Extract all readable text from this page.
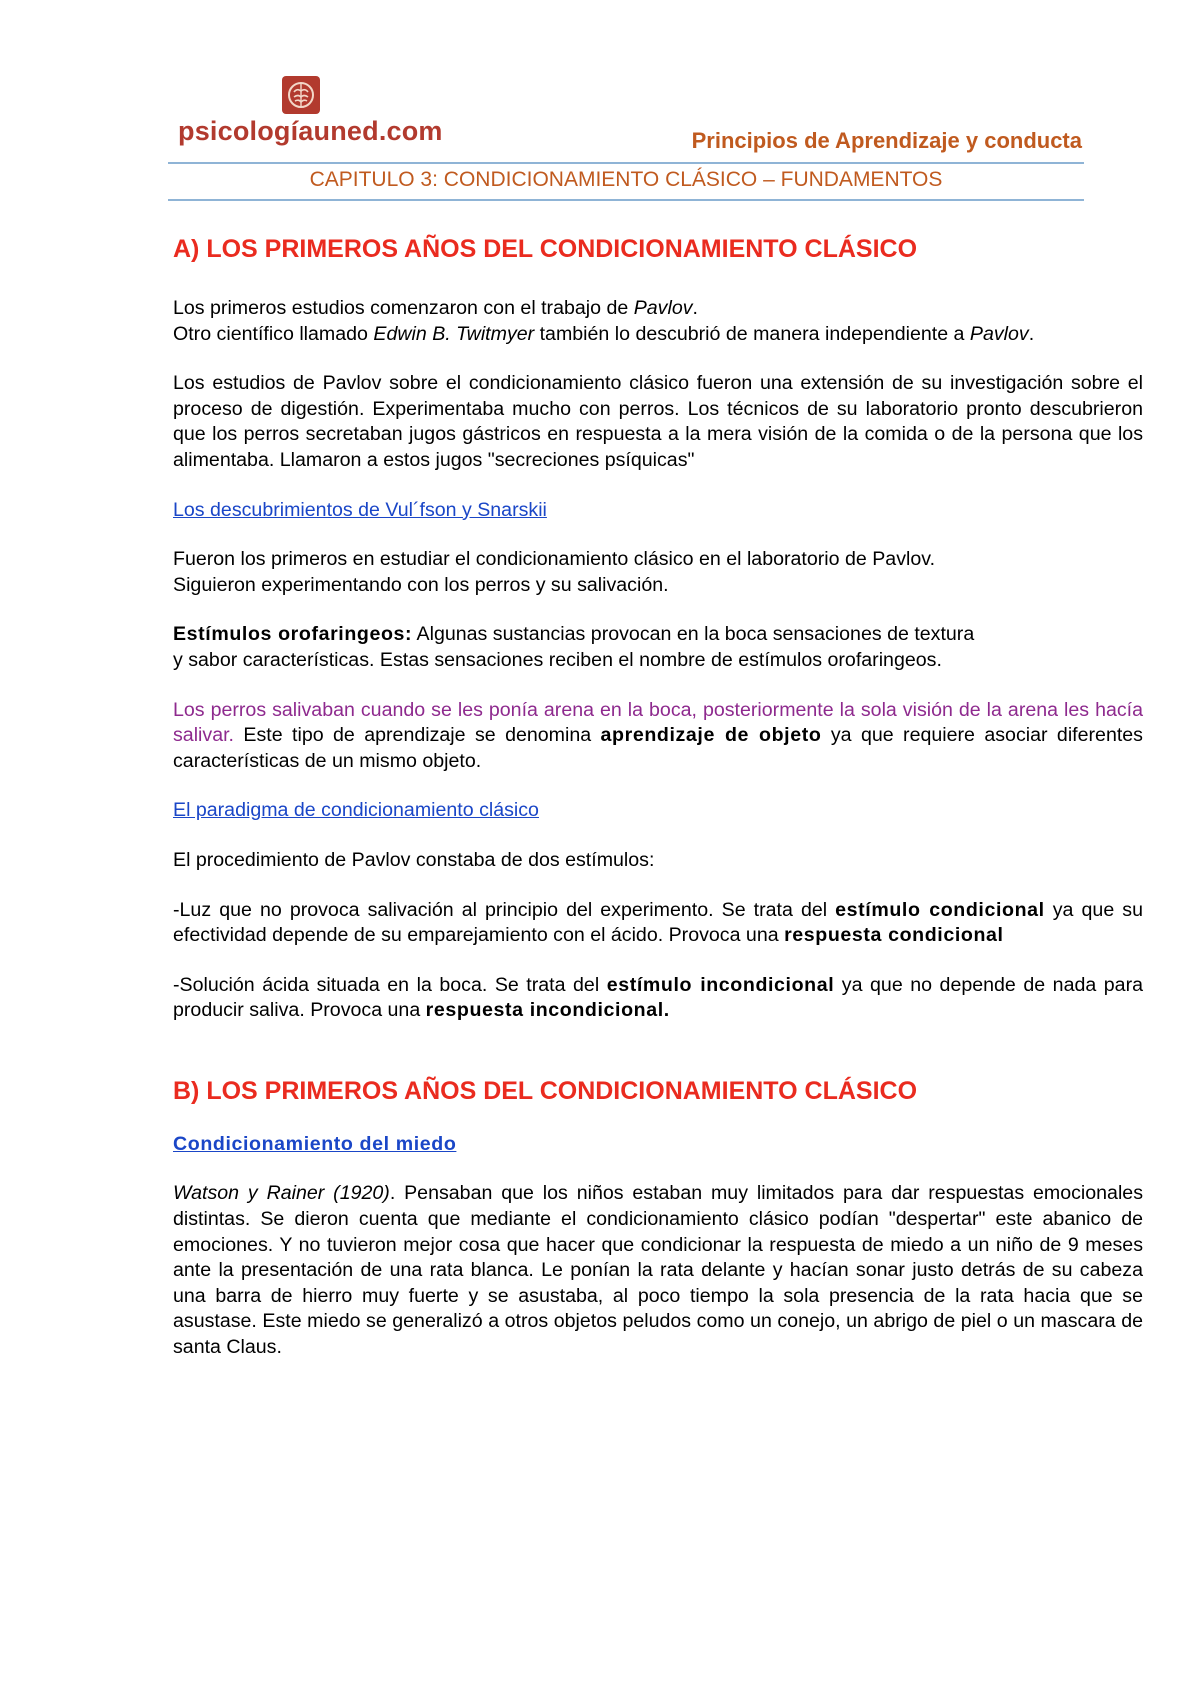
psicologíauned.com	Principios de Aprendizaje y conducta
CAPITULO 3: CONDICIONAMIENTO CLÁSICO – FUNDAMENTOS
A) LOS PRIMEROS AÑOS DEL CONDICIONAMIENTO CLÁSICO

Los primeros estudios comenzaron con el trabajo de Pavlov.
Otro científico llamado Edwin B. Twitmyer también lo descubrió de manera independiente a Pavlov.

Los estudios de Pavlov sobre el condicionamiento clásico fueron una extensión de su investigación sobre el proceso de digestión. Experimentaba mucho con perros. Los técnicos de su laboratorio pronto descubrieron que los perros secretaban jugos gástricos en respuesta a la mera visión de la comida o de la persona que los alimentaba. Llamaron a estos jugos "secreciones psíquicas"

Los descubrimientos de Vul´fson y Snarskii

Fueron los primeros en estudiar el condicionamiento clásico en el laboratorio de Pavlov.
Siguieron experimentando con los perros y su salivación.

Estímulos orofaringeos: Algunas sustancias provocan en la boca sensaciones de textura
y sabor características. Estas sensaciones reciben el nombre de estímulos orofaringeos.

Los perros salivaban cuando se les ponía arena en la boca, posteriormente la sola visión de la arena les hacía salivar. Este tipo de aprendizaje se denomina aprendizaje de objeto ya que requiere asociar diferentes características de un mismo objeto.

El paradigma de condicionamiento clásico

El procedimiento de Pavlov constaba de dos estímulos:

-Luz que no provoca salivación al principio del experimento. Se trata del estímulo condicional ya que su efectividad depende de su emparejamiento con el ácido. Provoca una respuesta condicional

-Solución ácida situada en la boca. Se trata del estímulo incondicional ya que no depende de nada para producir saliva. Provoca una respuesta incondicional.

B) LOS PRIMEROS AÑOS DEL CONDICIONAMIENTO CLÁSICO

Condicionamiento del miedo

Watson y Rainer (1920). Pensaban que los niños estaban muy limitados para dar respuestas emocionales distintas. Se dieron cuenta que mediante el condicionamiento clásico podían "despertar" este abanico de emociones. Y no tuvieron mejor cosa que hacer que condicionar la respuesta de miedo a un niño de 9 meses ante la presentación de una rata blanca. Le ponían la rata delante y hacían sonar justo detrás de su cabeza una barra de hierro muy fuerte y se asustaba, al poco tiempo la sola presencia de la rata hacia que se asustase. Este miedo se generalizó a otros objetos peludos como un conejo, un abrigo de piel o un mascara de santa Claus.
